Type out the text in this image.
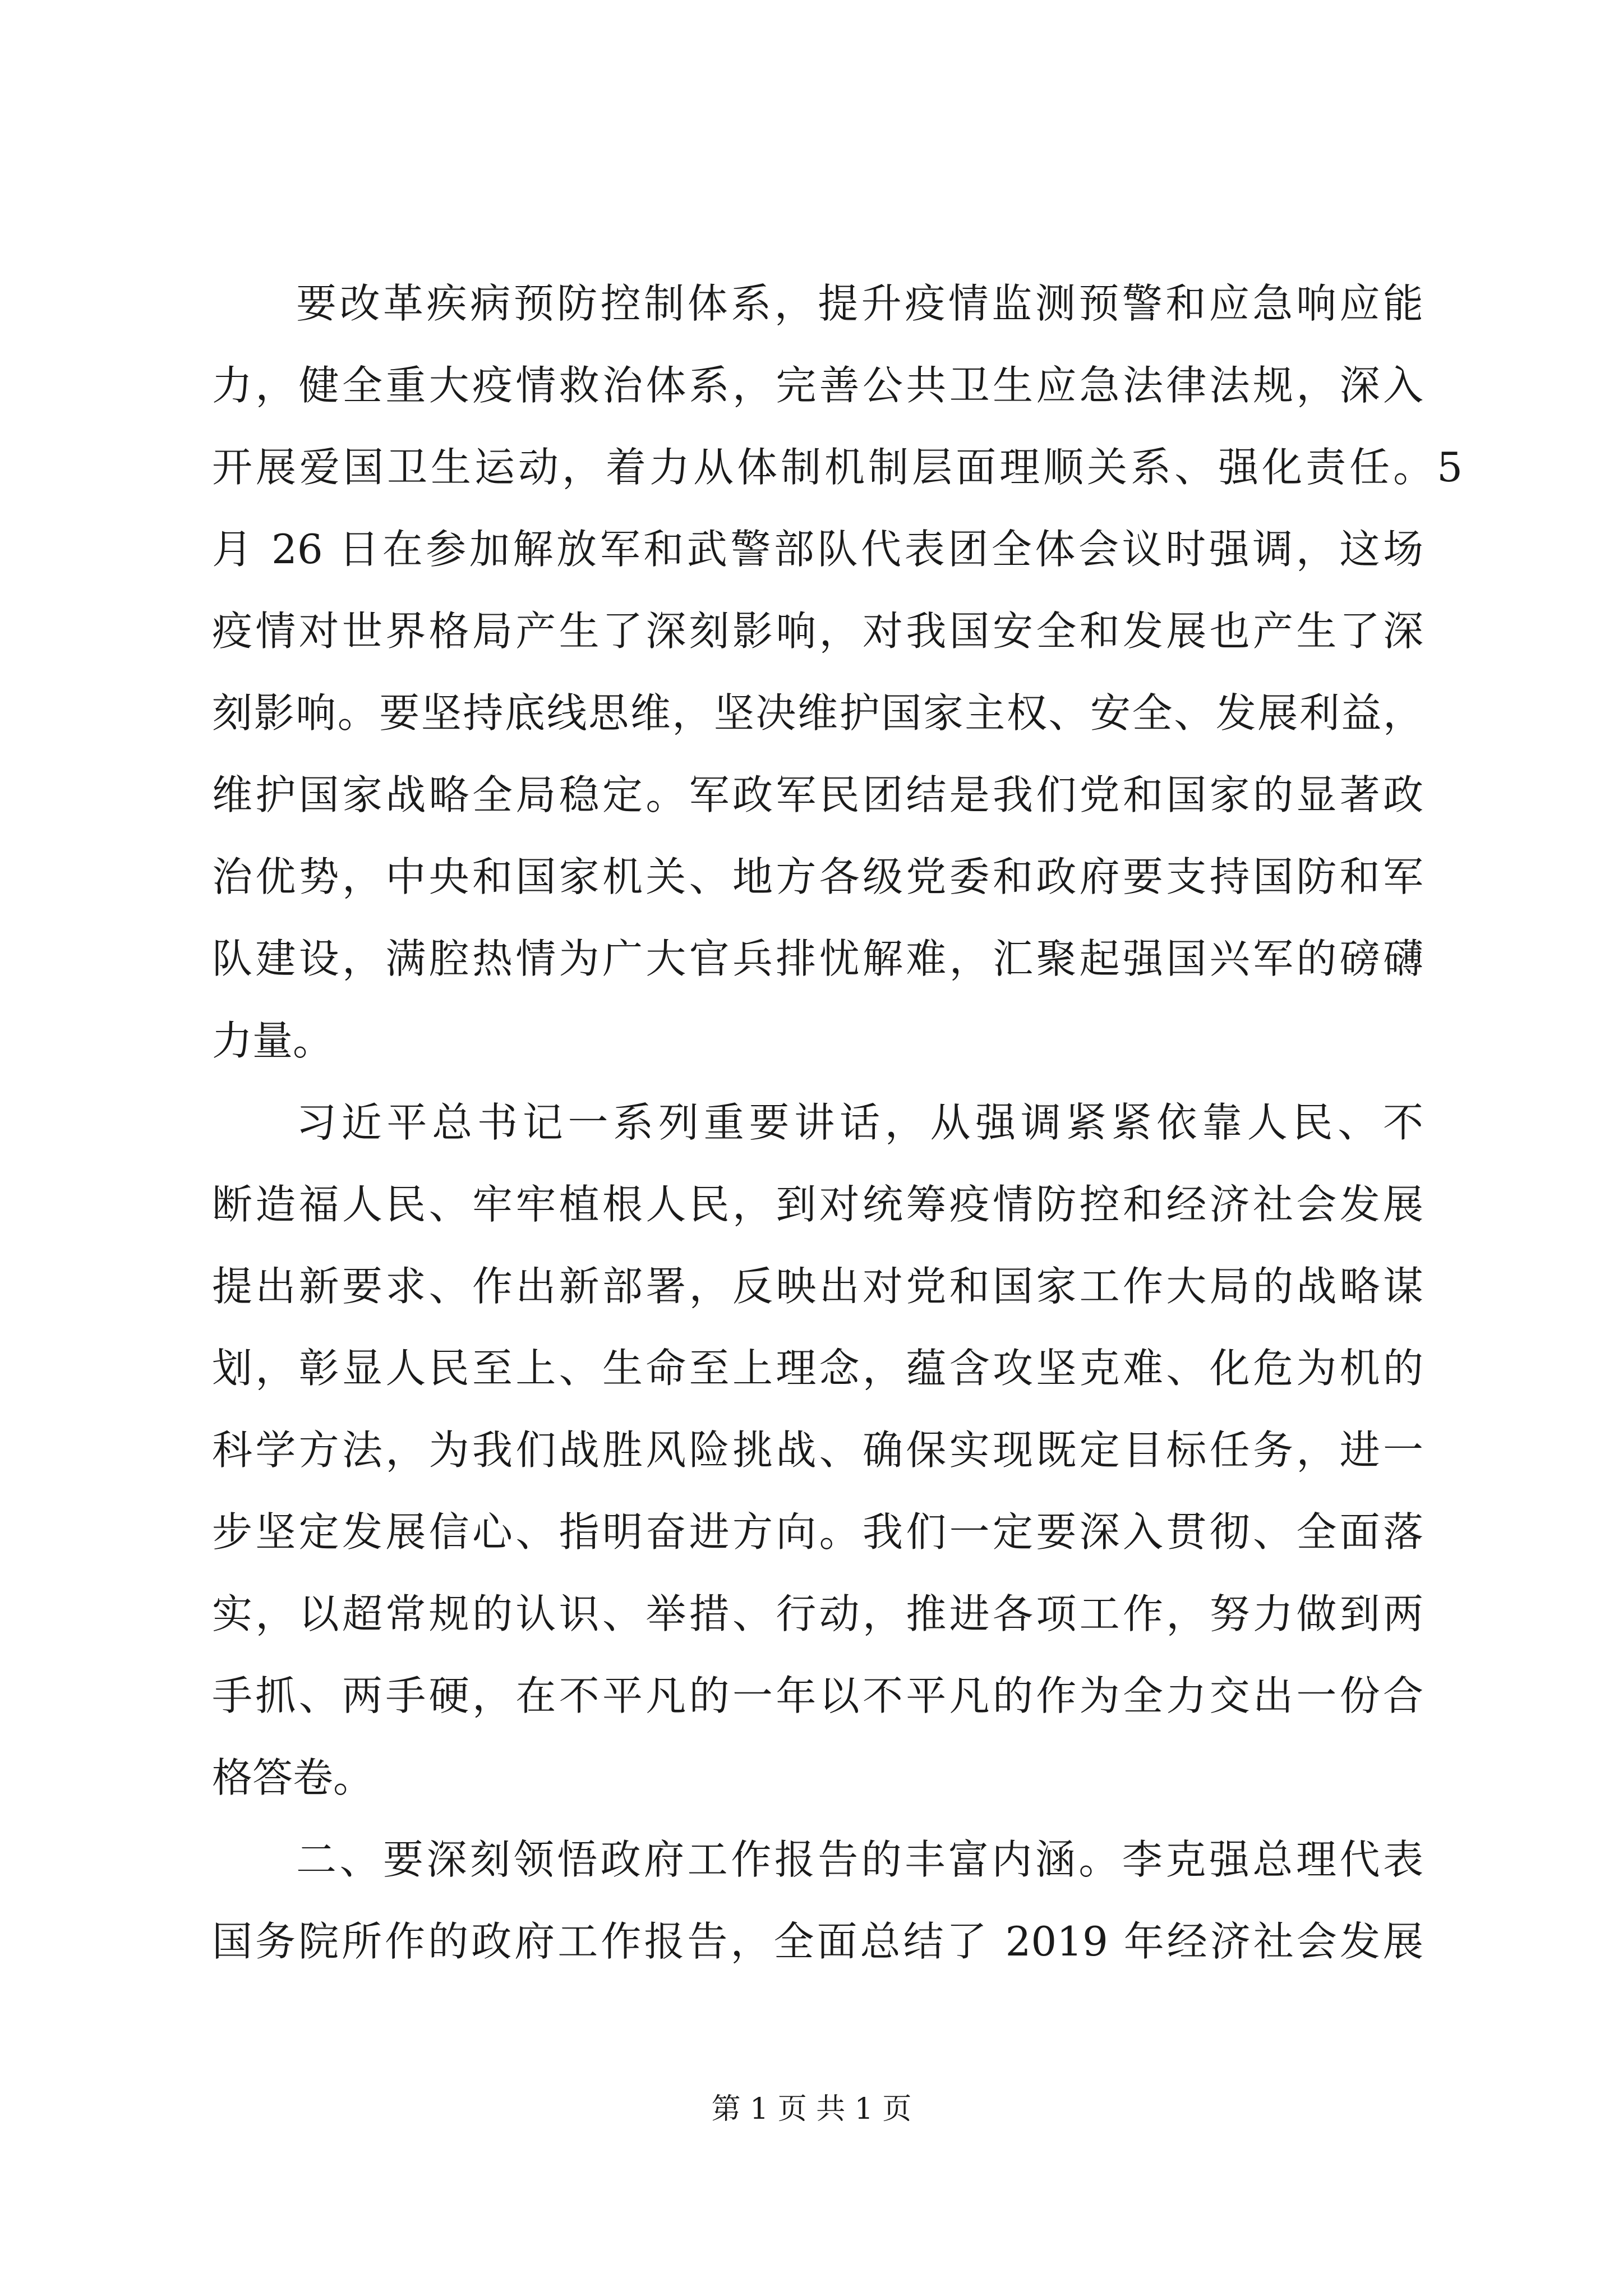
要改革疾病预防控制体系，提升疫情监测预警和应急响应能
力，健全重大疫情救治体系，完善公共卫生应急法律法规，深入
开展爱国卫生运动，着力从体制机制层面理顺关系、强化责任。5
月 26 日在参加解放军和武警部队代表团全体会议时强调，这场
疫情对世界格局产生了深刻影响，对我国安全和发展也产生了深
刻影响。要坚持底线思维，坚决维护国家主权、安全、发展利益，
维护国家战略全局稳定。军政军民团结是我们党和国家的显著政
治优势，中央和国家机关、地方各级党委和政府要支持国防和军
队建设，满腔热情为广大官兵排忧解难，汇聚起强国兴军的磅礴
力量。
习近平总书记一系列重要讲话，从强调紧紧依靠人民、不
断造福人民、牢牢植根人民，到对统筹疫情防控和经济社会发展
提出新要求、作出新部署，反映出对党和国家工作大局的战略谋
划，彰显人民至上、生命至上理念，蕴含攻坚克难、化危为机的
科学方法，为我们战胜风险挑战、确保实现既定目标任务，进一
步坚定发展信心、指明奋进方向。我们一定要深入贯彻、全面落
实，以超常规的认识、举措、行动，推进各项工作，努力做到两
手抓、两手硬，在不平凡的一年以不平凡的作为全力交出一份合
格答卷。
二、要深刻领悟政府工作报告的丰富内涵。李克强总理代表
国务院所作的政府工作报告，全面总结了 2019 年经济社会发展
第 1 页 共 1 页
